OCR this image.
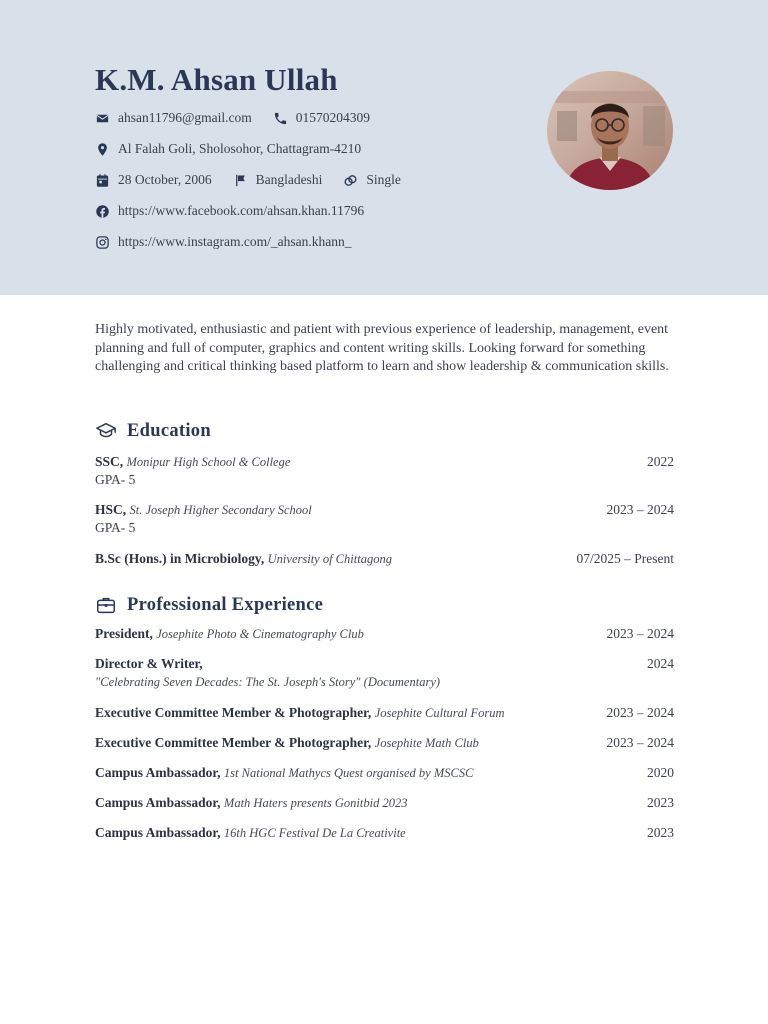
K.M. Ahsan Ullah
ahsan11796@gmail.com	01570204309
Al Falah Goli, Sholosohor, Chattagram-4210
28 October, 2006	Bangladeshi	Single
https://www.facebook.com/ahsan.khan.11796
https://www.instagram.com/_ahsan.khann_
Highly motivated, enthusiastic and patient with previous experience of leadership, management, event planning and full of computer, graphics and content writing skills. Looking forward for something challenging and critical thinking based platform to learn and show leadership & communication skills.
Education
SSC, Monipur High School & College	2022
GPA- 5
HSC, St. Joseph Higher Secondary School	2023 – 2024
GPA- 5
B.Sc (Hons.) in Microbiology, University of Chittagong	07/2025 – Present
Professional Experience
President, Josephite Photo & Cinematography Club	2023 – 2024
Director & Writer,	2024
"Celebrating Seven Decades: The St. Joseph's Story" (Documentary)
Executive Committee Member & Photographer, Josephite Cultural Forum	2023 – 2024
Executive Committee Member & Photographer, Josephite Math Club	2023 – 2024
Campus Ambassador, 1st National Mathycs Quest organised by MSCSC	2020
Campus Ambassador, Math Haters presents Gonitbid 2023	2023
Campus Ambassador, 16th HGC Festival De La Creativite	2023
